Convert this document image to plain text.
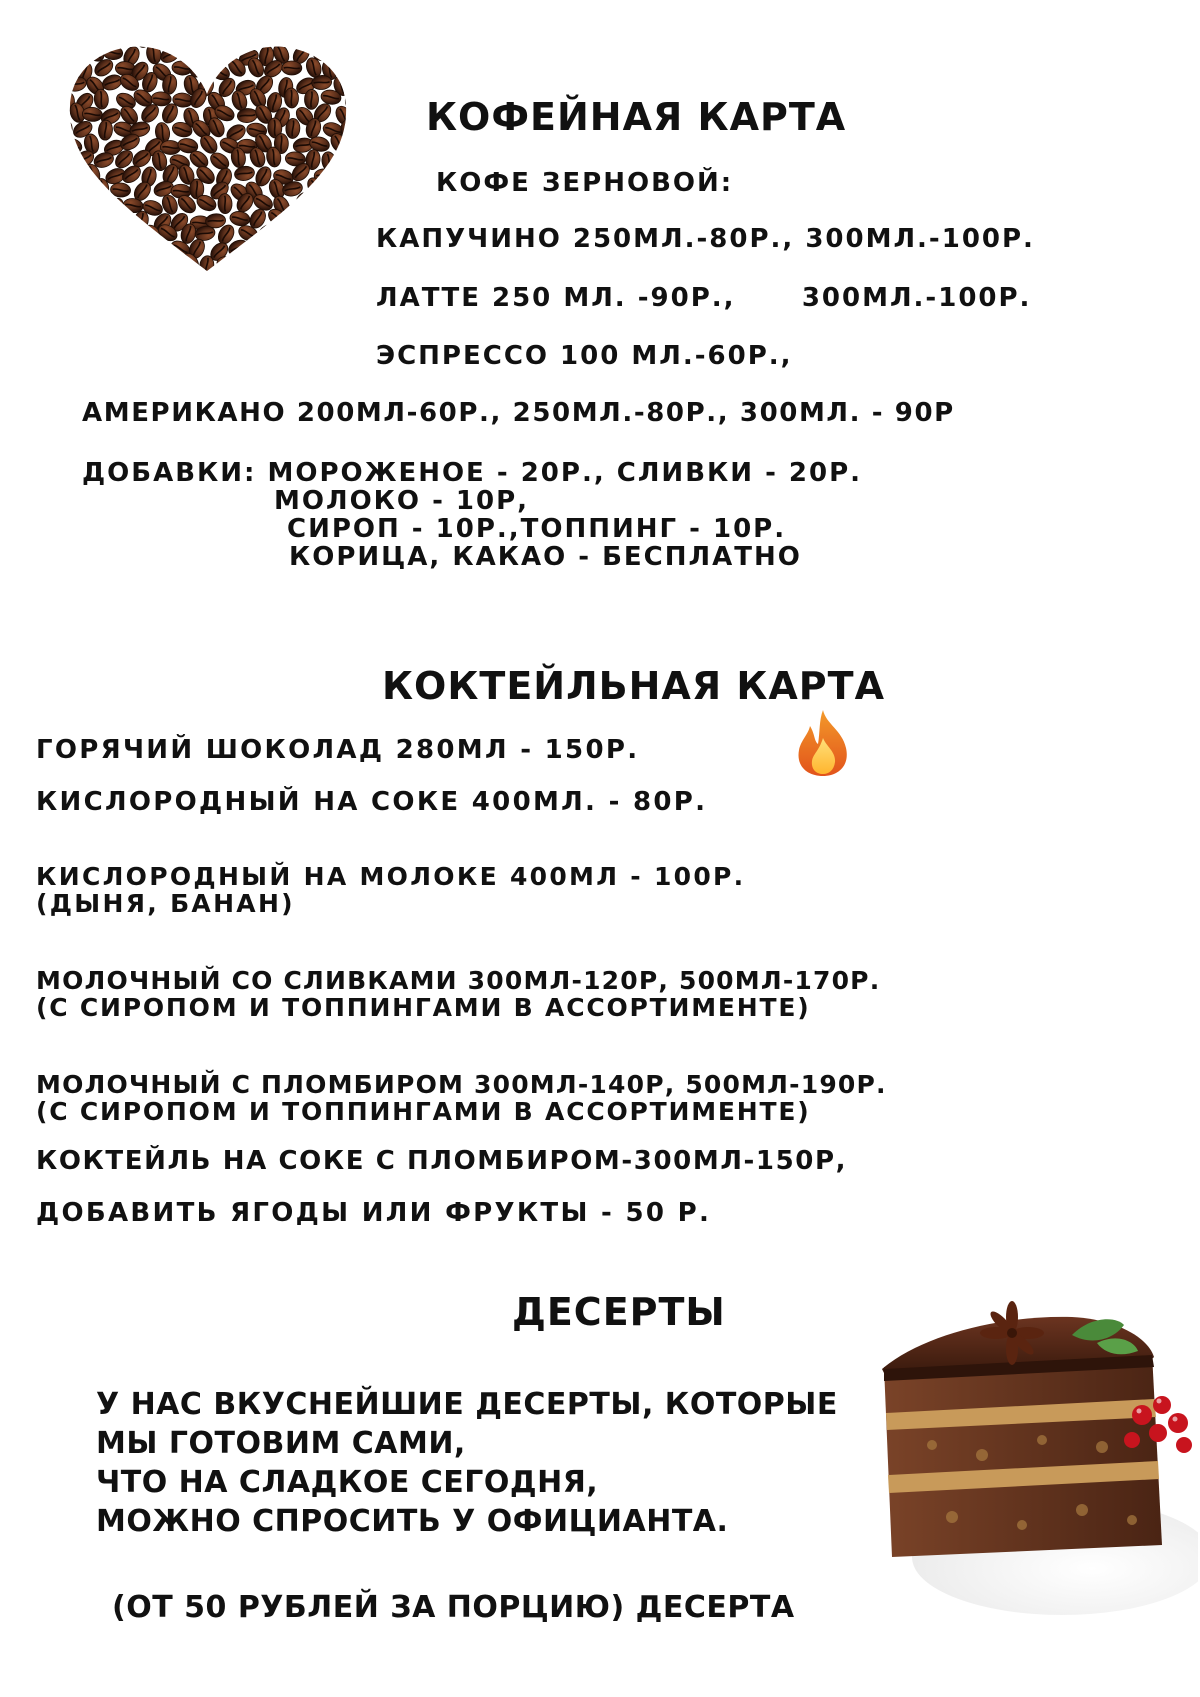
КОФЕЙНАЯ КАРТА
КОФЕ ЗЕРНОВОЙ:
КАПУЧИНО 250МЛ.-80Р., 300МЛ.-100Р.
ЛАТТЕ 250 МЛ. -90Р.,      300МЛ.-100Р.
ЭСПРЕССО 100 МЛ.-60Р.,
АМЕРИКАНО 200МЛ-60Р., 250МЛ.-80Р., 300МЛ. - 90Р
ДОБАВКИ: МОРОЖЕНОЕ - 20Р., СЛИВКИ - 20Р.
МОЛОКО - 10Р,
СИРОП - 10Р.,ТОППИНГ - 10Р.
КОРИЦА, КАКАО - БЕСПЛАТНО
КОКТЕЙЛЬНАЯ КАРТА
ГОРЯЧИЙ ШОКОЛАД 280МЛ - 150Р.
КИСЛОРОДНЫЙ НА СОКЕ 400МЛ. - 80Р.
КИСЛОРОДНЫЙ НА МОЛОКЕ 400МЛ - 100Р.
(ДЫНЯ, БАНАН)
МОЛОЧНЫЙ СО СЛИВКАМИ 300МЛ-120Р, 500МЛ-170Р.
(С СИРОПОМ И ТОППИНГАМИ В АССОРТИМЕНТЕ)
МОЛОЧНЫЙ С ПЛОМБИРОМ 300МЛ-140Р, 500МЛ-190Р.
(С СИРОПОМ И ТОППИНГАМИ В АССОРТИМЕНТЕ)
КОКТЕЙЛЬ НА СОКЕ С ПЛОМБИРОМ-300МЛ-150Р,
ДОБАВИТЬ ЯГОДЫ ИЛИ ФРУКТЫ - 50 Р.
ДЕСЕРТЫ
У НАС ВКУСНЕЙШИЕ ДЕСЕРТЫ, КОТОРЫЕ
МЫ ГОТОВИМ САМИ,
ЧТО НА СЛАДКОЕ СЕГОДНЯ,
МОЖНО СПРОСИТЬ У ОФИЦИАНТА.
(ОТ 50 РУБЛЕЙ ЗА ПОРЦИЮ) ДЕСЕРТА
